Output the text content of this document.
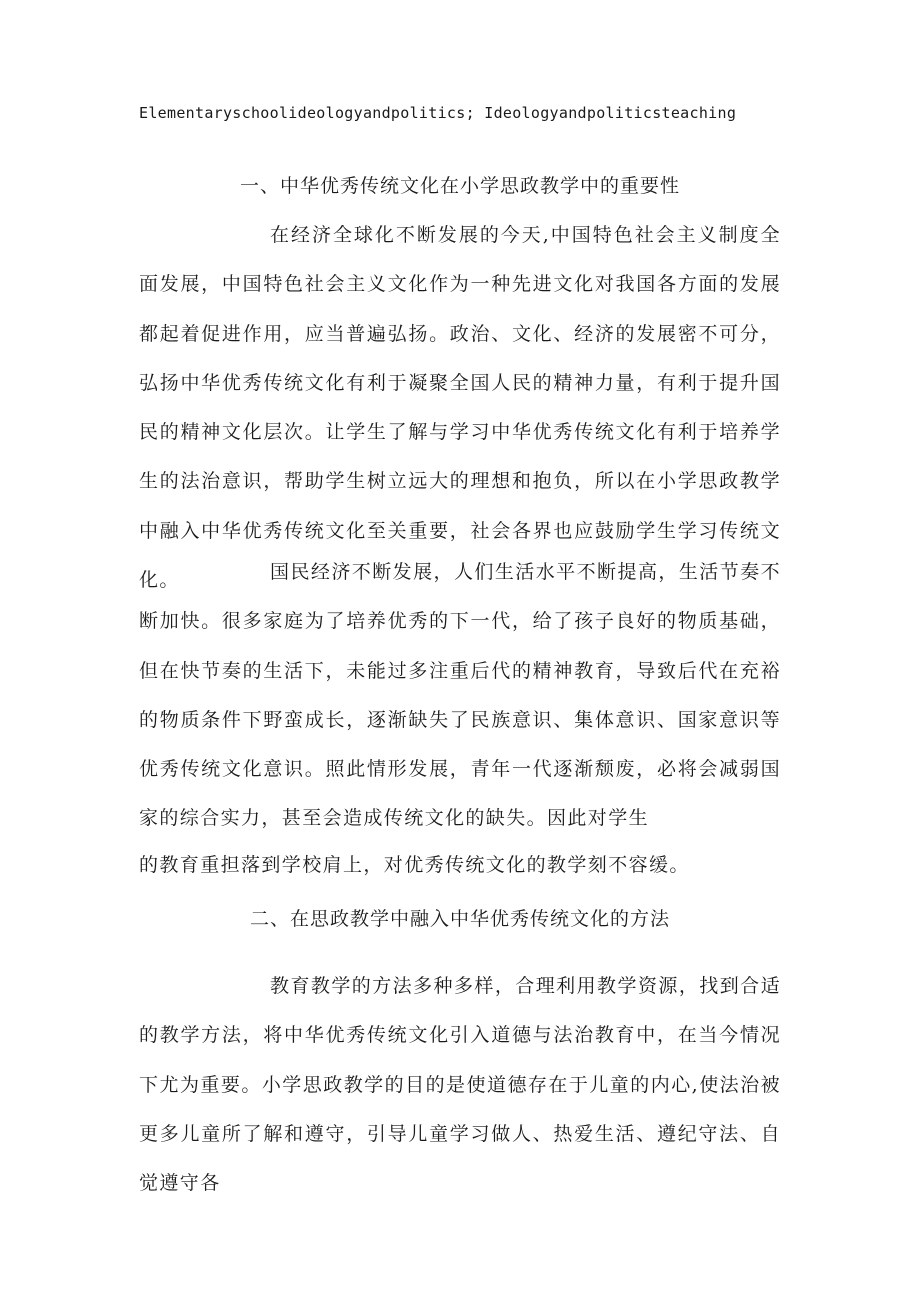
Elementaryschoolideologyandpolitics; Ideologyandpoliticsteaching
一、中华优秀传统文化在小学思政教学中的重要性

在经济全球化不断发展的今天,中国特色社会主义制度全面发展，中国特色社会主义文化作为一种先进文化对我国各方面的发展都起着促进作用，应当普遍弘扬。政治、文化、经济的发展密不可分，弘扬中华优秀传统文化有利于凝聚全国人民的精神力量，有利于提升国民的精神文化层次。让学生了解与学习中华优秀传统文化有利于培养学生的法治意识，帮助学生树立远大的理想和抱负，所以在小学思政教学中融入中华优秀传统文化至关重要，社会各界也应鼓励学生学习传统文化。	国民经济不断发展，人们生活水平不断提高，生活节奏不断加快。很多家庭为了培养优秀的下一代，给了孩子良好的物质基础，但在快节奏的生活下，未能过多注重后代的精神教育，导致后代在充裕的物质条件下野蛮成长，逐渐缺失了民族意识、集体意识、国家意识等优秀传统文化意识。照此情形发展，青年一代逐渐颓废，必将会减弱国家的综合实力，甚至会造成传统文化的缺失。因此对学生

的教育重担落到学校肩上，对优秀传统文化的教学刻不容缓。

二、在思政教学中融入中华优秀传统文化的方法

教育教学的方法多种多样，合理利用教学资源，找到合适的教学方法，将中华优秀传统文化引入道德与法治教育中，在当今情况下尤为重要。小学思政教学的目的是使道德存在于儿童的内心,使法治被更多儿童所了解和遵守，引导儿童学习做人、热爱生活、遵纪守法、自觉遵守各
